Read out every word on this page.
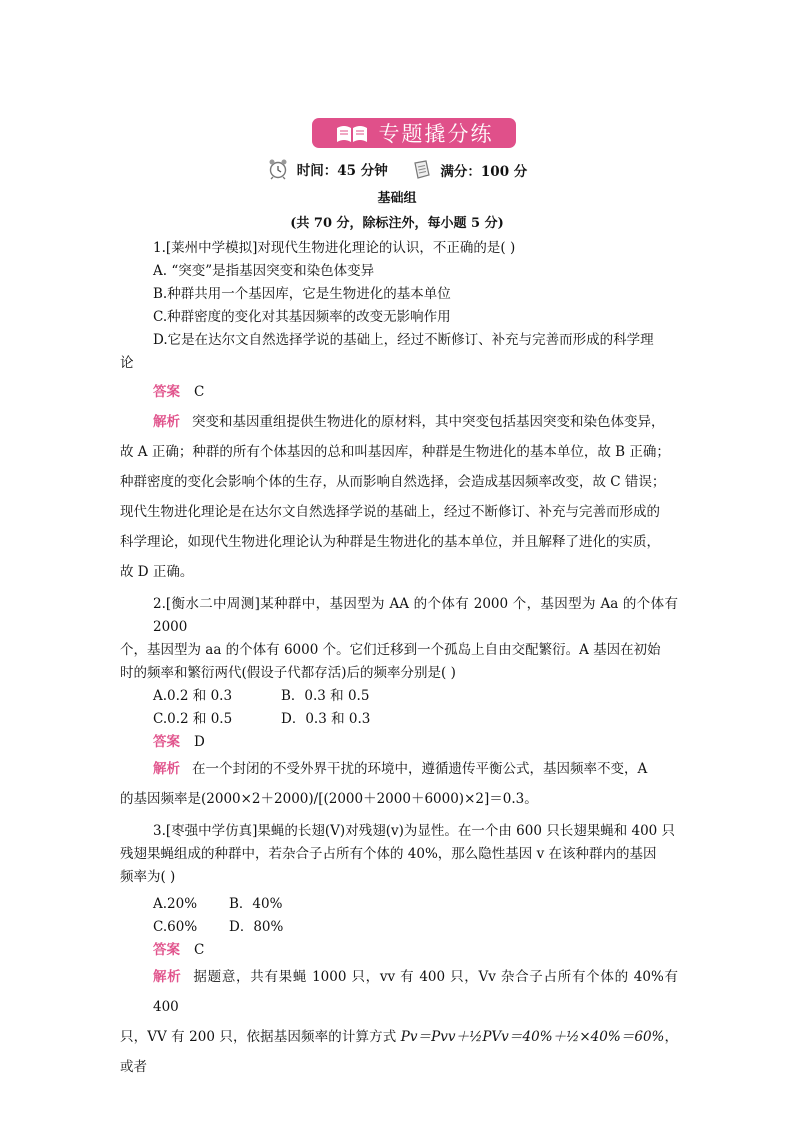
专题撬分练
时间：45 分钟
	满分：100 分
基础组
(共 70 分，除标注外，每小题 5 分)
1.[莱州中学模拟]对现代生物进化理论的认识，不正确的是( )
A. “突变”是指基因突变和染色体变异
B.种群共用一个基因库，它是生物进化的基本单位
C.种群密度的变化对其基因频率的改变无影响作用
D.它是在达尔文自然选择学说的基础上，经过不断修订、补充与完善而形成的科学理
论
答案 C
解析 突变和基因重组提供生物进化的原材料，其中突变包括基因突变和染色体变异，
故 A 正确；种群的所有个体基因的总和叫基因库，种群是生物进化的基本单位，故 B 正确；
种群密度的变化会影响个体的生存，从而影响自然选择，会造成基因频率改变，故 C 错误；
现代生物进化理论是在达尔文自然选择学说的基础上，经过不断修订、补充与完善而形成的
科学理论，如现代生物进化理论认为种群是生物进化的基本单位，并且解释了进化的实质，
故 D 正确。
2.[衡水二中周测]某种群中，基因型为 AA 的个体有 2000 个，基因型为 Aa 的个体有 2000
个，基因型为 aa 的个体有 6000 个。它们迁移到一个孤岛上自由交配繁衍。A 基因在初始
时的频率和繁衍两代(假设子代都存活)后的频率分别是( )
A.0.2 和 0.3	B．0.3 和 0.5
C.0.2 和 0.5	D．0.3 和 0.3
答案 D
解析 在一个封闭的不受外界干扰的环境中，遵循遗传平衡公式，基因频率不变，A
的基因频率是(2000×2＋2000)/[(2000＋2000＋6000)×2]＝0.3。
3.[枣强中学仿真]果蝇的长翅(V)对残翅(v)为显性。在一个由 600 只长翅果蝇和 400 只
残翅果蝇组成的种群中，若杂合子占所有个体的 40%，那么隐性基因 v 在该种群内的基因
频率为( )
A.20%	B．40%
C.60%	D．80%
答案 C
解析 据题意，共有果蝇 1000 只，vv 有 400 只，Vv 杂合子占所有个体的 40%有 400
只，VV 有 200 只，依据基因频率的计算方式 Pv＝Pvv＋½PVv＝40%＋½×40%＝60%，或者
